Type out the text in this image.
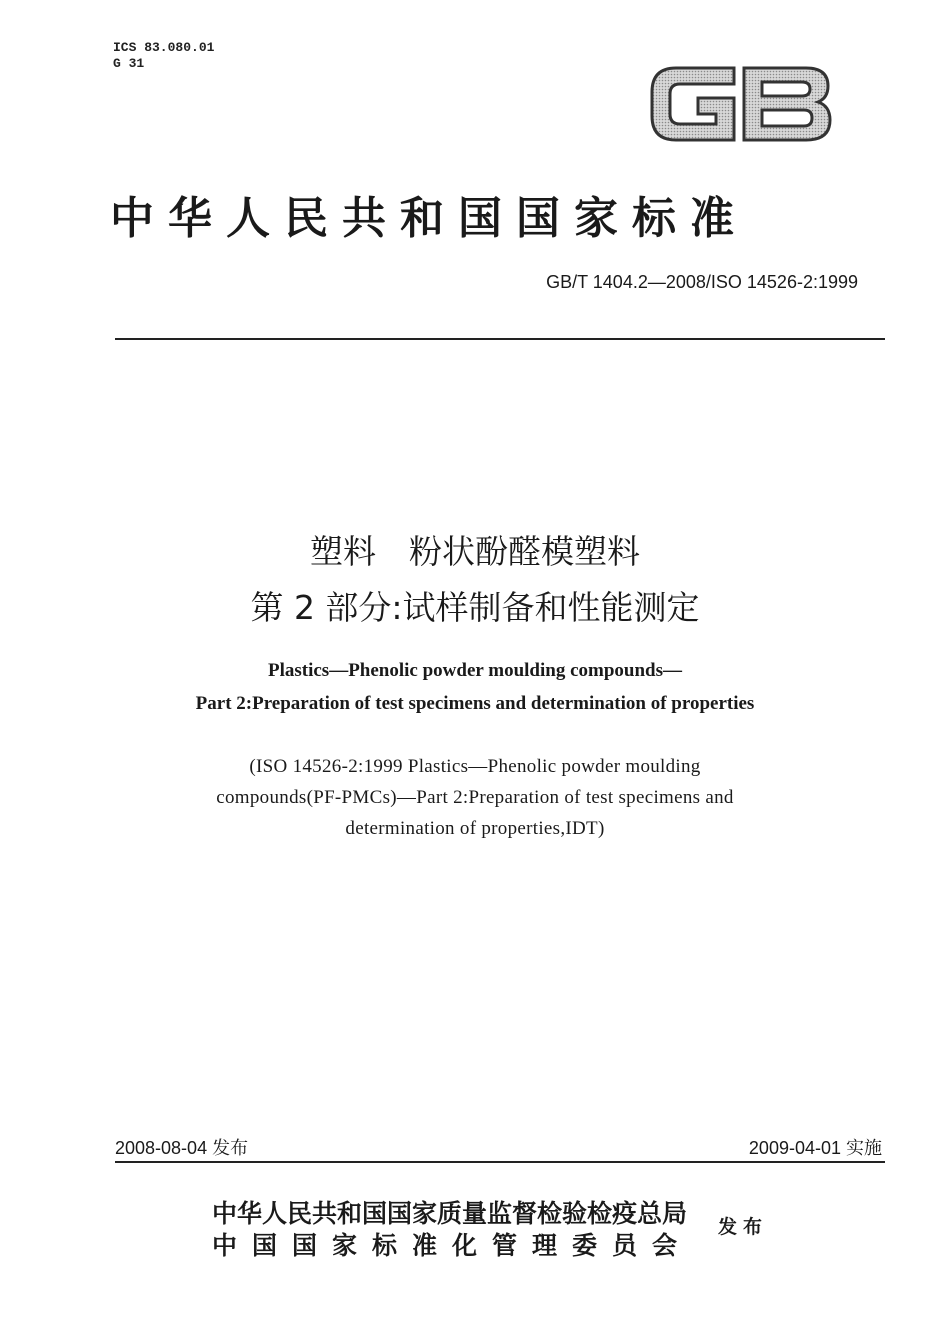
ICS 83.080.01
G 31	GB
中华人民共和国国家标准
GB/T 1404.2—2008/ISO 14526-2:1999
塑料　粉状酚醛模塑料
第 2 部分:试样制备和性能测定
Plastics—Phenolic powder moulding compounds—
Part 2:Preparation of test specimens and determination of properties
(ISO 14526-2:1999 Plastics—Phenolic powder moulding
compounds(PF-PMCs)—Part 2:Preparation of test specimens and
determination of properties,IDT)
2008-08-04 发布	2009-04-01 实施
中华人民共和国国家质量监督检验检疫总局
中国国家标准化管理委员会
发布
